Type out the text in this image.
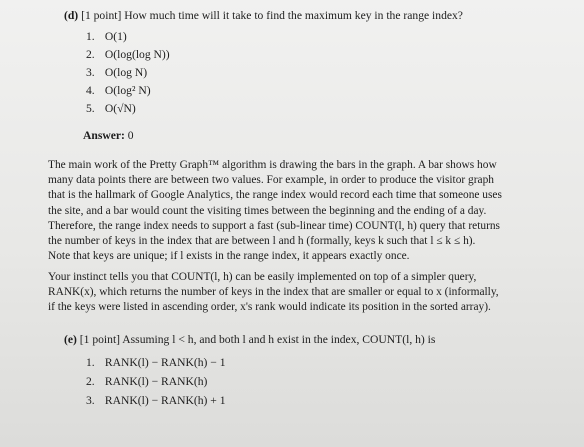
(d) [1 point] How much time will it take to find the maximum key in the range index?
1. O(1)
2. O(log(log N))
3. O(log N)
4. O(log² N)
5. O(√N)
Answer: 0
The main work of the Pretty Graph™ algorithm is drawing the bars in the graph. A bar shows how
many data points there are between two values. For example, in order to produce the visitor graph
that is the hallmark of Google Analytics, the range index would record each time that someone uses
the site, and a bar would count the visiting times between the beginning and the ending of a day.
Therefore, the range index needs to support a fast (sub-linear time) COUNT(l, h) query that returns
the number of keys in the index that are between l and h (formally, keys k such that l ≤ k ≤ h).
Note that keys are unique; if l exists in the range index, it appears exactly once.
Your instinct tells you that COUNT(l, h) can be easily implemented on top of a simpler query,
RANK(x), which returns the number of keys in the index that are smaller or equal to x (informally,
if the keys were listed in ascending order, x's rank would indicate its position in the sorted array).
(e) [1 point] Assuming l < h, and both l and h exist in the index, COUNT(l, h) is
1. RANK(l) − RANK(h) − 1
2. RANK(l) − RANK(h)
3. RANK(l) − RANK(h) + 1
